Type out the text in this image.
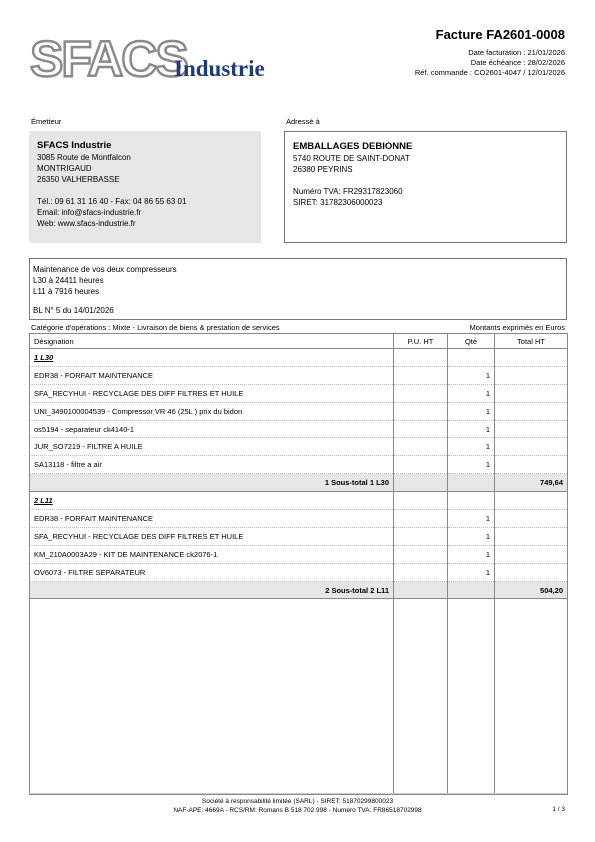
SFACS
Industrie
Facture FA2601-0008
Date facturation : 21/01/2026
Date échéance : 28/02/2026
Réf. commande : CO2601-4047 / 12/01/2026
Émetteur	Adressé à
SFACS Industrie
3085 Route de Montfalcon
MONTRIGAUD
26350 VALHERBASSE
Tél.: 09 61 31 16 40 - Fax: 04 86 55 63 01
Email: info@sfacs-industrie.fr
Web: www.sfacs-industrie.fr
EMBALLAGES DEBIONNE
5740 ROUTE DE SAINT-DONAT
26380 PEYRINS
Numéro TVA: FR29317823060
SIRET: 31782306000023
Maintenance de vos deux compresseurs
L30 à 24411 heures
L11 à 7916 heures
BL N° 5 du 14/01/2026
Catégorie d'opérations : Mixte - Livraison de biens & prestation de services	Montants exprimés en Euros
Désignation	P.U. HT	Qté	Total HT
1 L30			
EDR38 - FORFAIT MAINTENANCE		1	
SFA_RECYHUI - RECYCLAGE DES DIFF FILTRES ET HUILE		1	
UNI_3490100004539 - Compressor VR 46 (25L ) prix du bidon		1	
os5194 - separateur ck4140-1		1	
JUR_SO7219 - FILTRE A HUILE		1	
SA13118 - filtre a air		1	
1 Sous-total 1 L30			749,64
2 L11			
EDR38 - FORFAIT MAINTENANCE		1	
SFA_RECYHUI - RECYCLAGE DES DIFF FILTRES ET HUILE		1	
KM_210A0003A29 - KIT DE MAINTENANCE ck2076-1		1	
OV6073 - FILTRE SEPARATEUR		1	
2 Sous-total 2 L11			504,20

Société à responsabilité limitée (SARL) - SIRET: 51870299800023
NAF-APE: 4669A - RCS/RM: Romans B 518 702 998 - Numéro TVA: FR86518702998	1 / 3
